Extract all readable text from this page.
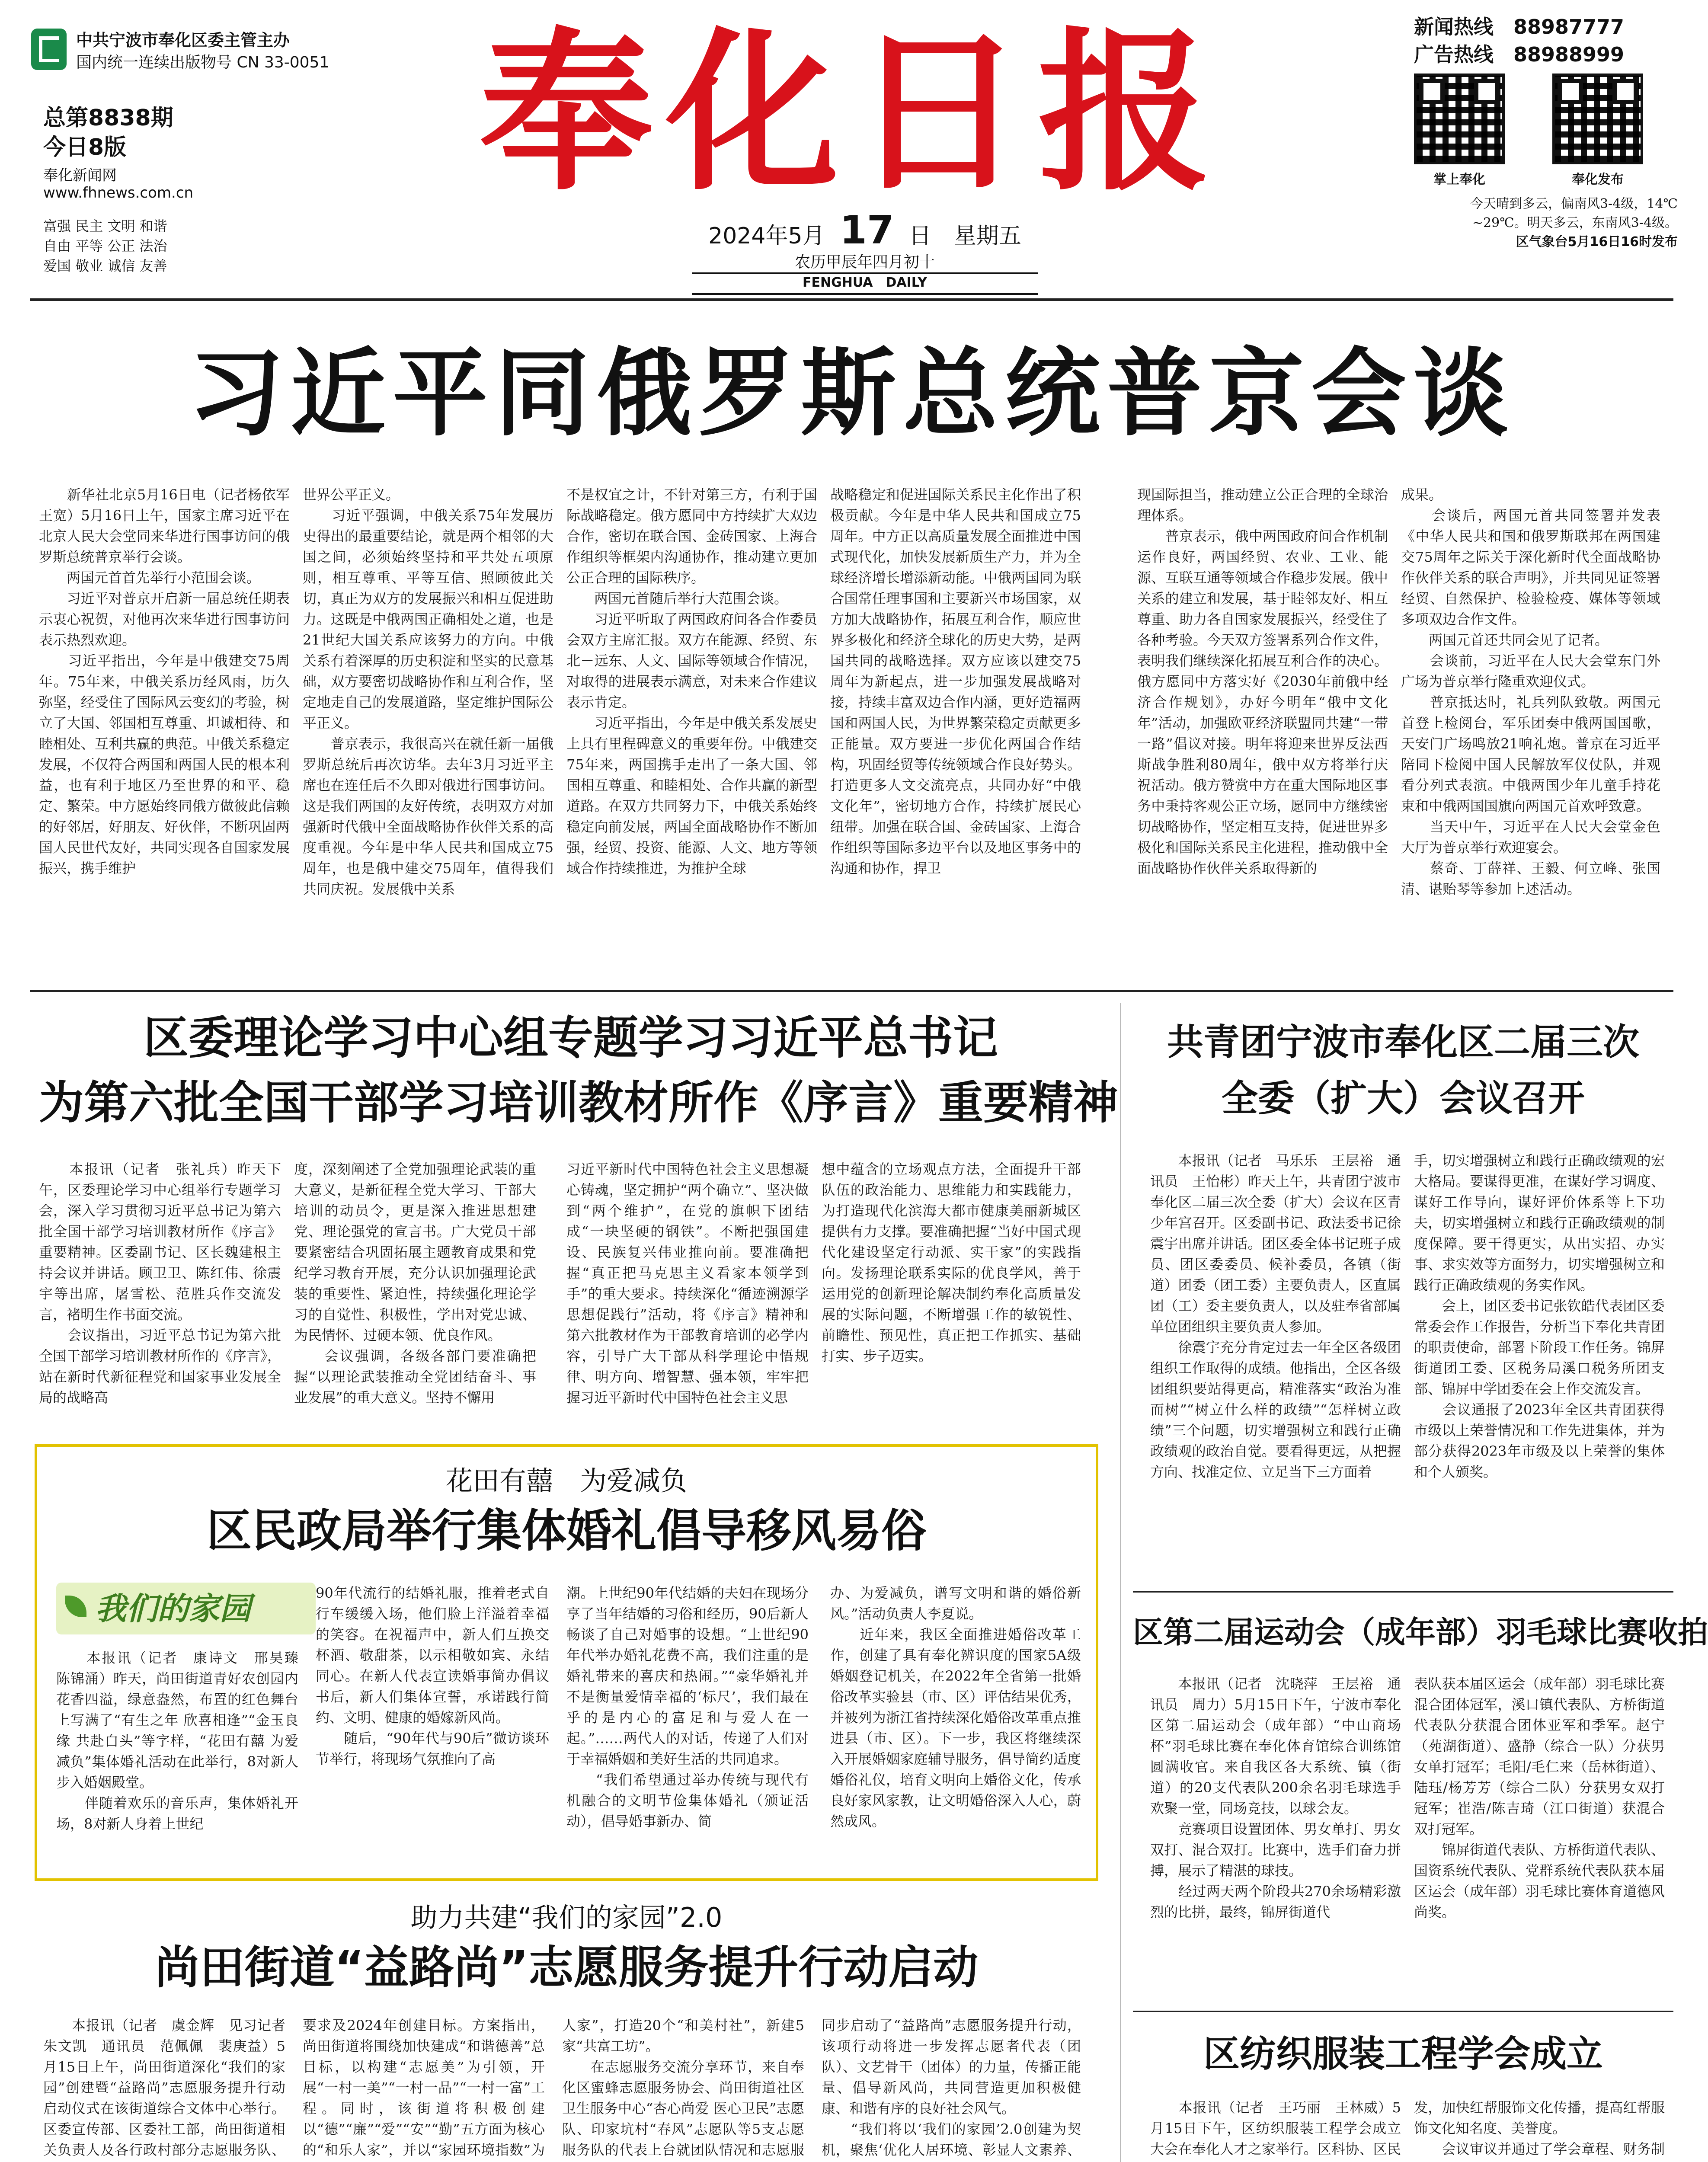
中共宁波市奉化区委主管主办
国内统一连续出版物号 CN 33-0051
总第8838期
今日8版
奉化新闻网
www.fhnews.com.cn
富强 民主 文明 和谐
自由 平等 公正 法治
爱国 敬业 诚信 友善
奉化日报
2024年5月 17 日　星期五
农历甲辰年四月初十
FENGHUA　DAILY
新闻热线　 88987777
广告热线　 88988999
掌上奉化	奉化发布
今天晴到多云，偏南风3-4级，14℃
~29℃。明天多云，东南风3-4级。
区气象台5月16日16时发布
习近平同俄罗斯总统普京会谈
　　新华社北京5月16日电（记者杨依军　王宽）5月16日上午，国家主席习近平在北京人民大会堂同来华进行国事访问的俄罗斯总统普京举行会谈。
　　两国元首首先举行小范围会谈。
　　习近平对普京开启新一届总统任期表示衷心祝贺，对他再次来华进行国事访问表示热烈欢迎。
　　习近平指出，今年是中俄建交75周年。75年来，中俄关系历经风雨，历久弥坚，经受住了国际风云变幻的考验，树立了大国、邻国相互尊重、坦诚相待、和睦相处、互利共赢的典范。中俄关系稳定发展，不仅符合两国和两国人民的根本利益，也有利于地区乃至世界的和平、稳定、繁荣。中方愿始终同俄方做彼此信赖的好邻居，好朋友、好伙伴，不断巩固两国人民世代友好，共同实现各自国家发展振兴，携手维护
世界公平正义。
　　习近平强调，中俄关系75年发展历史得出的最重要结论，就是两个相邻的大国之间，必须始终坚持和平共处五项原则，相互尊重、平等互信、照顾彼此关切，真正为双方的发展振兴和相互促进助力。这既是中俄两国正确相处之道，也是21世纪大国关系应该努力的方向。中俄关系有着深厚的历史积淀和坚实的民意基础，双方要密切战略协作和互利合作，坚定地走自己的发展道路，坚定维护国际公平正义。
　　普京表示，我很高兴在就任新一届俄罗斯总统后再次访华。去年3月习近平主席也在连任后不久即对俄进行国事访问。这是我们两国的友好传统，表明双方对加强新时代俄中全面战略协作伙伴关系的高度重视。今年是中华人民共和国成立75周年，也是俄中建交75周年，值得我们共同庆祝。发展俄中关系
不是权宜之计，不针对第三方，有利于国际战略稳定。俄方愿同中方持续扩大双边合作，密切在联合国、金砖国家、上海合作组织等框架内沟通协作，推动建立更加公正合理的国际秩序。
　　两国元首随后举行大范围会谈。
　　习近平听取了两国政府间各合作委员会双方主席汇报。双方在能源、经贸、东北－远东、人文、国际等领域合作情况，对取得的进展表示满意，对未来合作建议表示肯定。
　　习近平指出，今年是中俄关系发展史上具有里程碑意义的重要年份。中俄建交75年来，两国携手走出了一条大国、邻国相互尊重、和睦相处、合作共赢的新型道路。在双方共同努力下，中俄关系始终稳定向前发展，两国全面战略协作不断加强，经贸、投资、能源、人文、地方等领域合作持续推进，为推护全球
战略稳定和促进国际关系民主化作出了积极贡献。今年是中华人民共和国成立75周年。中方正以高质量发展全面推进中国式现代化，加快发展新质生产力，并为全球经济增长增添新动能。中俄两国同为联合国常任理事国和主要新兴市场国家，双方加大战略协作，拓展互利合作，顺应世界多极化和经济全球化的历史大势，是两国共同的战略选择。双方应该以建交75周年为新起点，进一步加强发展战略对接，持续丰富双边合作内涵，更好造福两国和两国人民，为世界繁荣稳定贡献更多正能量。双方要进一步优化两国合作结构，巩固经贸等传统领域合作良好势头。打造更多人文交流亮点，共同办好“中俄文化年”，密切地方合作，持续扩展民心纽带。加强在联合国、金砖国家、上海合作组织等国际多边平台以及地区事务中的沟通和协作，捍卫
现国际担当，推动建立公正合理的全球治理体系。
　　普京表示，俄中两国政府间合作机制运作良好，两国经贸、农业、工业、能源、互联互通等领域合作稳步发展。俄中关系的建立和发展，基于睦邻友好、相互尊重、助力各自国家发展振兴，经受住了各种考验。今天双方签署系列合作文件，表明我们继续深化拓展互利合作的决心。俄方愿同中方落实好《2030年前俄中经济合作规划》，办好今明年“俄中文化年”活动，加强欧亚经济联盟同共建“一带一路”倡议对接。明年将迎来世界反法西斯战争胜利80周年，俄中双方将举行庆祝活动。俄方赞赏中方在重大国际地区事务中秉持客观公正立场，愿同中方继续密切战略协作，坚定相互支持，促进世界多极化和国际关系民主化进程，推动俄中全面战略协作伙伴关系取得新的
成果。
　　会谈后，两国元首共同签署并发表《中华人民共和国和俄罗斯联邦在两国建交75周年之际关于深化新时代全面战略协作伙伴关系的联合声明》，并共同见证签署经贸、自然保护、检验检疫、媒体等领域多项双边合作文件。
　　两国元首还共同会见了记者。
　　会谈前，习近平在人民大会堂东门外广场为普京举行隆重欢迎仪式。
　　普京抵达时，礼兵列队致敬。两国元首登上检阅台，军乐团奏中俄两国国歌，天安门广场鸣放21响礼炮。普京在习近平陪同下检阅中国人民解放军仪仗队，并观看分列式表演。中俄两国少年儿童手持花束和中俄两国国旗向两国元首欢呼致意。
　　当天中午，习近平在人民大会堂金色大厅为普京举行欢迎宴会。
　　蔡奇、丁薛祥、王毅、何立峰、张国清、谌贻琴等参加上述活动。
区委理论学习中心组专题学习习近平总书记
为第六批全国干部学习培训教材所作《序言》重要精神
　　本报讯（记者　张礼兵）昨天下午，区委理论学习中心组举行专题学习会，深入学习贯彻习近平总书记为第六批全国干部学习培训教材所作《序言》重要精神。区委副书记、区长魏建根主持会议并讲话。顾卫卫、陈红伟、徐震宇等出席，屠雪松、范胜兵作交流发言，褚明生作书面交流。
　　会议指出，习近平总书记为第六批全国干部学习培训教材所作的《序言》，站在新时代新征程党和国家事业发展全局的战略高
度，深刻阐述了全党加强理论武装的重大意义，是新征程全党大学习、干部大培训的动员令，更是深入推进思想建党、理论强党的宣言书。广大党员干部要紧密结合巩固拓展主题教育成果和党纪学习教育开展，充分认识加强理论武装的重要性、紧迫性，持续强化理论学习的自觉性、积极性，学出对党忠诚、为民情怀、过硬本领、优良作风。
　　会议强调，各级各部门要准确把握“以理论武装推动全党团结奋斗、事业发展”的重大意义。坚持不懈用
习近平新时代中国特色社会主义思想凝心铸魂，坚定拥护“两个确立”、坚决做到“两个维护”，在党的旗帜下团结成“一块坚硬的钢铁”。不断把强国建设、民族复兴伟业推向前。要准确把握“真正把马克思主义看家本领学到手”的重大要求。持续深化“循迹溯源学思想促践行”活动，将《序言》精神和第六批教材作为干部教育培训的必学内容，引导广大干部从科学理论中悟规律、明方向、增智慧、强本领，牢牢把握习近平新时代中国特色社会主义思
想中蕴含的立场观点方法，全面提升干部队伍的政治能力、思维能力和实践能力，为打造现代化滨海大都市健康美丽新城区提供有力支撑。要准确把握“当好中国式现代化建设坚定行动派、实干家”的实践指向。发扬理论联系实际的优良学风，善于运用党的创新理论解决制约奉化高质量发展的实际问题，不断增强工作的敏锐性、前瞻性、预见性，真正把工作抓实、基础打实、步子迈实。
共青团宁波市奉化区二届三次
全委（扩大）会议召开
　　本报讯（记者　马乐乐　王层裕　通讯员　王怡彬）昨天上午，共青团宁波市奉化区二届三次全委（扩大）会议在区青少年宫召开。区委副书记、政法委书记徐震宇出席并讲话。团区委全体书记班子成员、团区委委员、候补委员，各镇（街道）团委（团工委）主要负责人，区直属团（工）委主要负责人，以及驻奉省部属单位团组织主要负责人参加。
　　徐震宇充分肯定过去一年全区各级团组织工作取得的成绩。他指出，全区各级团组织要站得更高，精准落实“政治为准而树”“树立什么样的政绩”“怎样树立政绩”三个问题，切实增强树立和践行正确政绩观的政治自觉。要看得更远，从把握方向、找准定位、立足当下三方面着
手，切实增强树立和践行正确政绩观的宏大格局。要谋得更准，在谋好学习调度、谋好工作导向，谋好评价体系等上下功夫，切实增强树立和践行正确政绩观的制度保障。要干得更实，从出实招、办实事、求实效等方面努力，切实增强树立和践行正确政绩观的务实作风。
　　会上，团区委书记张钦皓代表团区委常委会作工作报告，分析当下奉化共青团的职责使命，部署下阶段工作任务。锦屏街道团工委、区税务局溪口税务所团支部、锦屏中学团委在会上作交流发言。
　　会议通报了2023年全区共青团获得市级以上荣誉情况和工作先进集体，并为部分获得2023年市级及以上荣誉的集体和个人颁奖。
花田有囍　为爱减负
区民政局举行集体婚礼倡导移风易俗
我们的家园
　　本报讯（记者　康诗文　邢昊臻　陈锦涌）昨天，尚田街道青好农创园内花香四溢，绿意盎然，布置的红色舞台上写满了“有生之年 欣喜相逢”“金玉良缘 共赴白头”等字样，“花田有囍 为爱减负”集体婚礼活动在此举行，8对新人步入婚姻殿堂。
　　伴随着欢乐的音乐声，集体婚礼开场，8对新人身着上世纪
90年代流行的结婚礼服，推着老式自行车缓缓入场，他们脸上洋溢着幸福的笑容。在祝福声中，新人们互换交杯酒、敬甜茶，以示相敬如宾、永结同心。在新人代表宣读婚事简办倡议书后，新人们集体宣誓，承诺践行简约、文明、健康的婚嫁新风尚。
　　随后，“90年代与90后”微访谈环节举行，将现场气氛推向了高
潮。上世纪90年代结婚的夫妇在现场分享了当年结婚的习俗和经历，90后新人畅谈了自己对婚事的设想。“上世纪90年代举办婚礼花费不高，我们注重的是婚礼带来的喜庆和热闹。”“豪华婚礼并不是衡量爱情幸福的‘标尺’，我们最在乎的是内心的富足和与爱人在一起。”……两代人的对话，传递了人们对于幸福婚姻和美好生活的共同追求。
　　“我们希望通过举办传统与现代有机融合的文明节俭集体婚礼（颁证活动），倡导婚事新办、简
办、为爱减负，谱写文明和谐的婚俗新风。”活动负责人李夏说。
　　近年来，我区全面推进婚俗改革工作，创建了具有奉化辨识度的国家5A级婚姻登记机关，在2022年全省第一批婚俗改革实验县（市、区）评估结果优秀，并被列为浙江省持续深化婚俗改革重点推进县（市、区）。下一步，我区将继续深入开展婚姻家庭辅导服务，倡导简约适度婚俗礼仪，培育文明向上婚俗文化，传承良好家风家教，让文明婚俗深入人心，蔚然成风。
区第二届运动会（成年部）羽毛球比赛收拍
　　本报讯（记者　沈晓萍　王层裕　通讯员　周力）5月15日下午，宁波市奉化区第二届运动会（成年部）“中山商场杯”羽毛球比赛在奉化体育馆综合训练馆圆满收官。来自我区各大系统、镇（街道）的20支代表队200余名羽毛球选手欢聚一堂，同场竞技，以球会友。
　　竞赛项目设置团体、男女单打、男女双打、混合双打。比赛中，选手们奋力拼搏，展示了精湛的球技。
　　经过两天两个阶段共270余场精彩激烈的比拼，最终，锦屏街道代
表队获本届区运会（成年部）羽毛球比赛混合团体冠军，溪口镇代表队、方桥街道代表队分获混合团体亚军和季军。赵宁（苑湖街道）、盛静（综合一队）分获男女单打冠军；毛阳/毛仁来（岳林街道）、陆珏/杨芳芳（综合二队）分获男女双打冠军；崔浩/陈吉琦（江口街道）获混合双打冠军。
　　锦屏街道代表队、方桥街道代表队、国资系统代表队、党群系统代表队获本届区运会（成年部）羽毛球比赛体育道德风尚奖。
助力共建“我们的家园”2.0
尚田街道“益路尚”志愿服务提升行动启动
　　本报讯（记者　虞金辉　见习记者　朱文凯　通讯员　范佩佩　裴庚益）5月15日上午，尚田街道深化“我们的家园”创建暨“益路尚”志愿服务提升行动启动仪式在该街道综合文体中心举行。区委宣传部、区委社工部，尚田街道相关负责人及各行政村部分志愿服务队、

要求及2024年创建目标。方案指出，尚田街道将围绕加快建成“和谐德善”总目标，以构建“志愿美”为引领，开展“一村一美”“一村一品”“一村一富”工程。同时，该街道将积极创建以“德”“廉”“爱”“安”“勤”五方面为核心的“和乐人家”，并以“家园环境指数”为
人家”，打造20个“和美村社”，新建5家“共富工坊”。
　　在志愿服务交流分享环节，来自奉化区蜜蜂志愿服务协会、尚田街道社区卫生服务中心“杏心尚爱 医心卫民”志愿队、印家坑村“春风”志愿队等5支志愿服务队的代表上台就团队情况和志愿服

同步启动了“益路尚”志愿服务提升行动，该项行动将进一步发挥志愿者代表（团队）、文艺骨干（团体）的力量，传播正能量、倡导新风尚，共同营造更加积极健康、和谐有序的良好社会风气。
　　“我们将以‘我们的家园’2.0创建为契机，聚焦‘优化人居环境、彰显人文素养、
区纺织服装工程学会成立
　　本报讯（记者　王巧丽　王林威）5月15日下午，区纺织服装工程学会成立大会在奉化人才之家举行。区科协、区民

发，加快红帮服饰文化传播，提高红帮服饰文化知名度、美誉度。
　　会议审议并通过了学会章程、财务制
